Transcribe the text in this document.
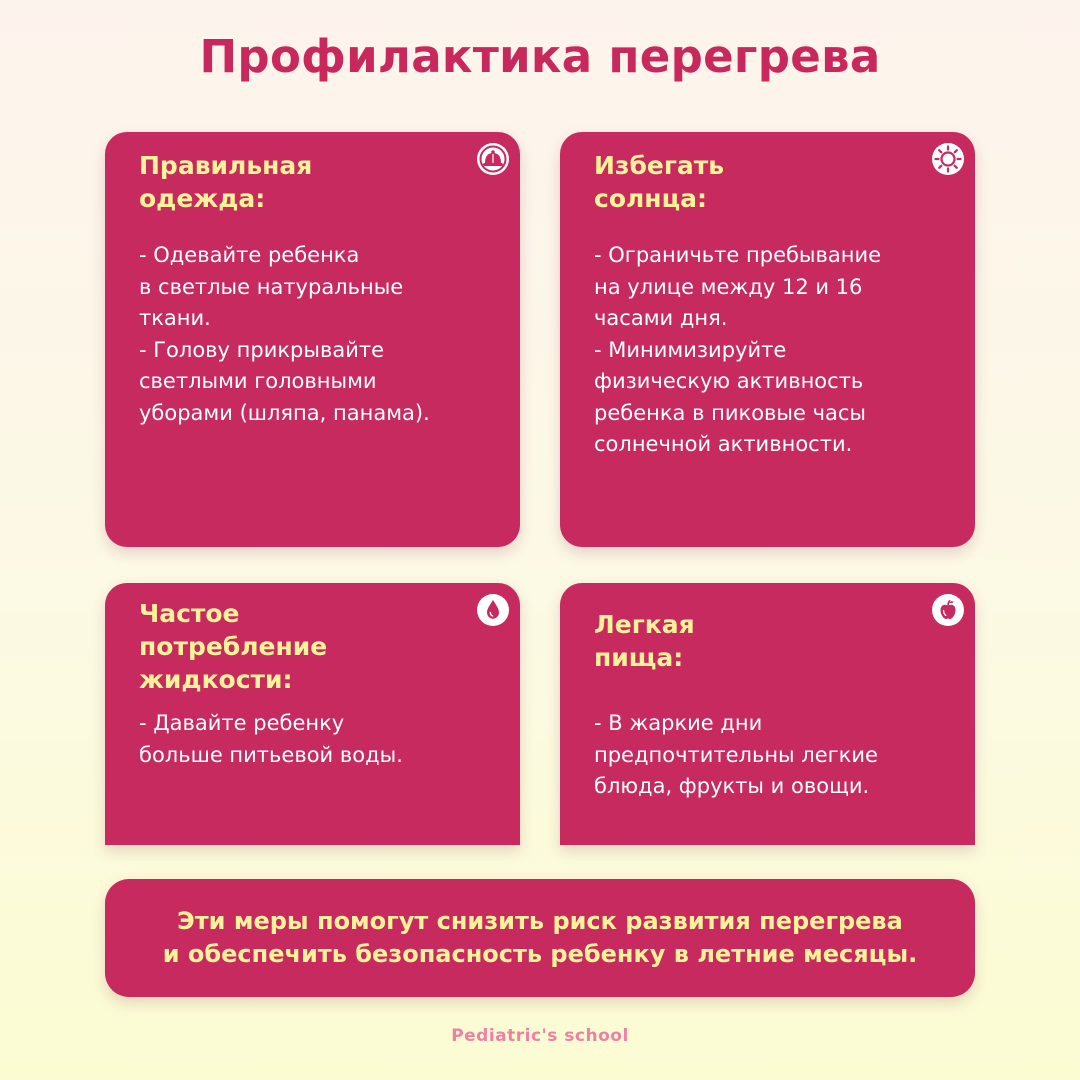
Профилактика перегрева
Правильная
одежда:
- Одевайте ребенка
в светлые натуральные
ткани.
- Голову прикрывайте
светлыми головными
уборами (шляпа, панама).
Избегать
солнца:
- Ограничьте пребывание
на улице между 12 и 16
часами дня.
- Минимизируйте
физическую активность
ребенка в пиковые часы
солнечной активности.
Частое
потребление
жидкости:
- Давайте ребенку
больше питьевой воды.
Легкая
пища:
- В жаркие дни
предпочтительны легкие
блюда, фрукты и овощи.
Эти меры помогут снизить риск развития перегрева
и обеспечить безопасность ребенку в летние месяцы.
Pediatric's school
